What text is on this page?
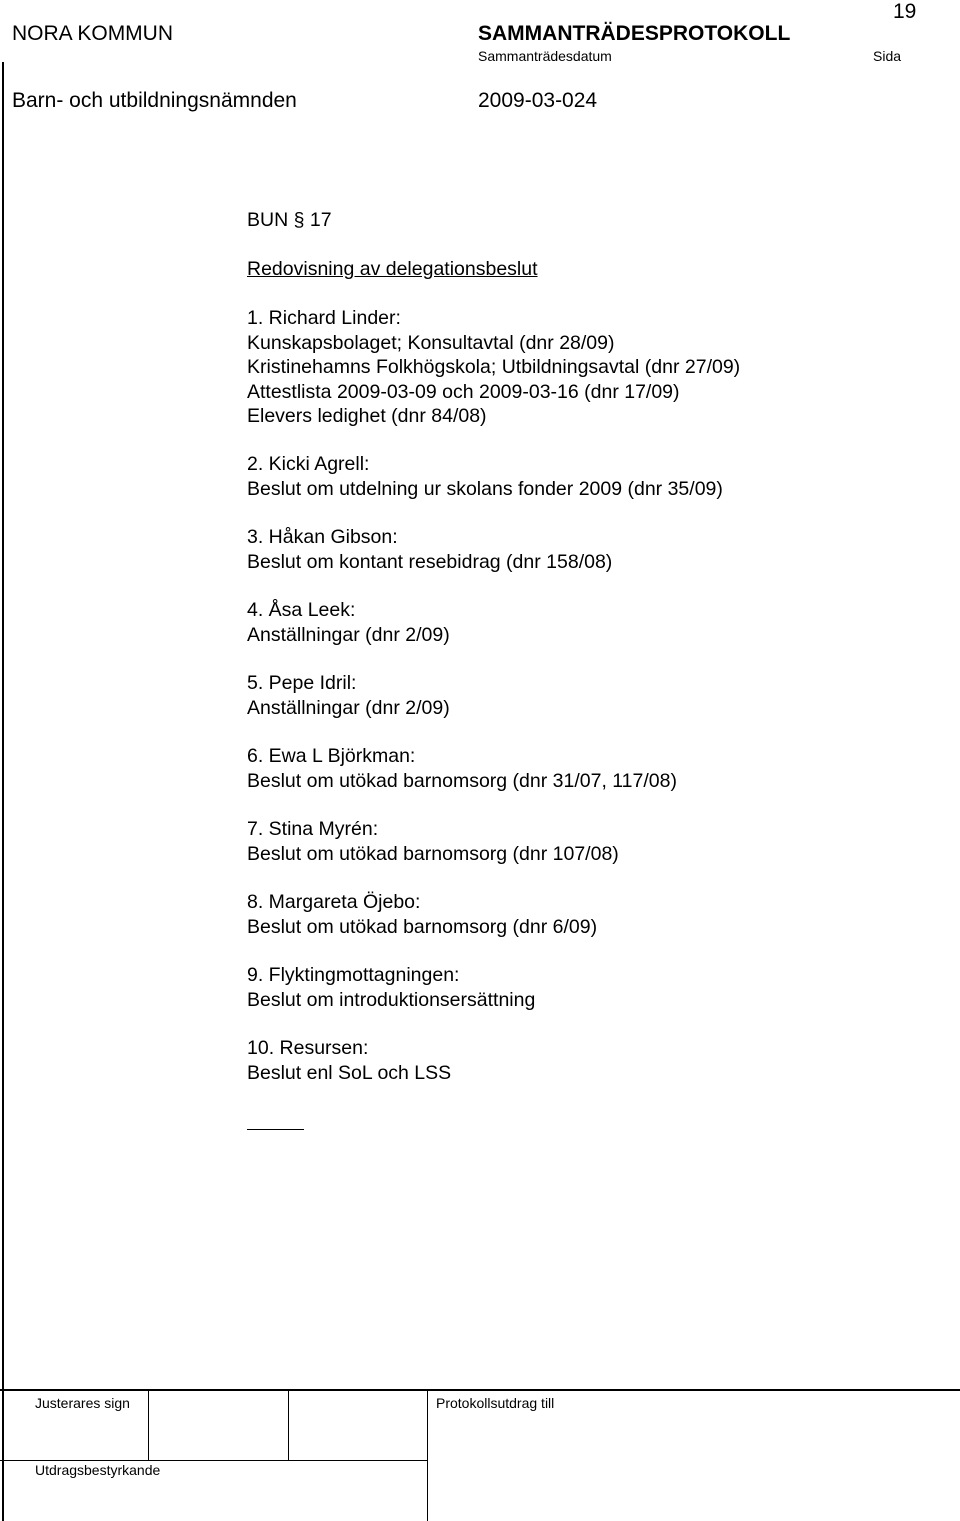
19
NORA KOMMUN	SAMMANTRÄDESPROTOKOLL
Sammanträdesdatum	Sida
Barn- och utbildningsnämnden	2009-03-024
BUN § 17
Redovisning av delegationsbeslut
1. Richard Linder:
Kunskapsbolaget; Konsultavtal (dnr 28/09)
Kristinehamns Folkhögskola; Utbildningsavtal (dnr 27/09)
Attestlista 2009-03-09 och 2009-03-16 (dnr 17/09)
Elevers ledighet (dnr 84/08)
2. Kicki Agrell:
Beslut om utdelning ur skolans fonder 2009 (dnr 35/09)
3. Håkan Gibson:
Beslut om kontant resebidrag (dnr 158/08)
4. Åsa Leek:
Anställningar (dnr 2/09)
5. Pepe Idril:
Anställningar (dnr 2/09)
6. Ewa L Björkman:
Beslut om utökad barnomsorg (dnr 31/07, 117/08)
7. Stina Myrén:
Beslut om utökad barnomsorg (dnr 107/08)
8. Margareta Öjebo:
Beslut om utökad barnomsorg (dnr 6/09)
9. Flyktingmottagningen:
Beslut om introduktionsersättning
10. Resursen:
Beslut enl SoL och LSS
Justerares sign	Protokollsutdrag till
Utdragsbestyrkande
